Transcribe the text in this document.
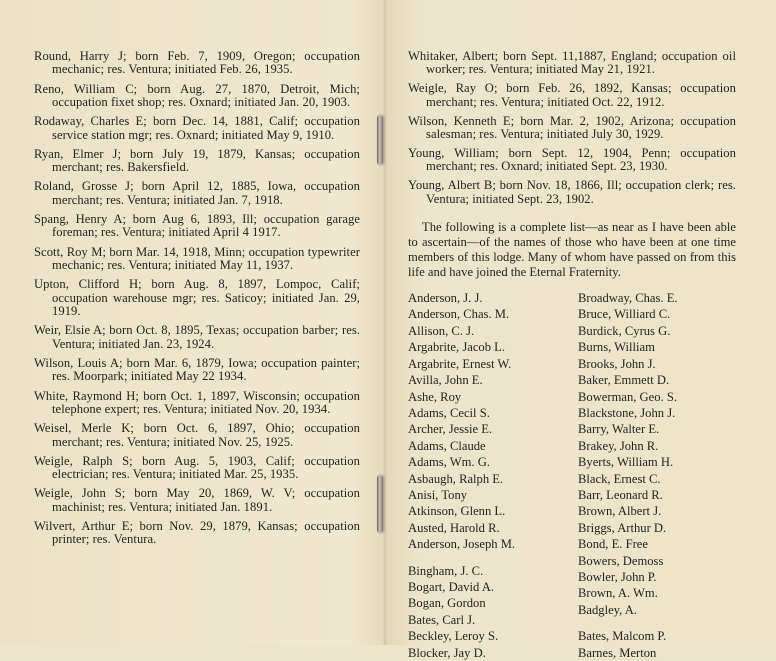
Round, Harry J; born Feb. 7, 1909, Oregon; occupation mechanic; res. Ventura; initiated Feb. 26, 1935.

Reno, William C; born Aug. 27, 1870, Detroit, Mich; occupation fixet shop; res. Oxnard; initiated Jan. 20, 1903.

Rodaway, Charles E; born Dec. 14, 1881, Calif; occupation service station mgr; res. Oxnard; initiated May 9, 1910.

Ryan, Elmer J; born July 19, 1879, Kansas; occupation merchant; res. Bakersfield.

Roland, Grosse J; born April 12, 1885, Iowa, occupation merchant; res. Ventura; initiated Jan. 7, 1918.

Spang, Henry A; born Aug 6, 1893, Ill; occupation garage foreman; res. Ventura; initiated April 4 1917.

Scott, Roy M; born Mar. 14, 1918, Minn; occupation typewriter mechanic; res. Ventura; initiated May 11, 1937.

Upton, Clifford H; born Aug. 8, 1897, Lompoc, Calif; occupation warehouse mgr; res. Saticoy; initiated Jan. 29, 1919.

Weir, Elsie A; born Oct. 8, 1895, Texas; occupation barber; res. Ventura; initiated Jan. 23, 1924.

Wilson, Louis A; born Mar. 6, 1879, Iowa; occupation painter; res. Moorpark; initiated May 22 1934.

White, Raymond H; born Oct. 1, 1897, Wisconsin; occupation telephone expert; res. Ventura; initiated Nov. 20, 1934.

Weisel, Merle K; born Oct. 6, 1897, Ohio; occupation merchant; res. Ventura; initiated Nov. 25, 1925.

Weigle, Ralph S; born Aug. 5, 1903, Calif; occupation electrician; res. Ventura; initiated Mar. 25, 1935.

Weigle, John S; born May 20, 1869, W. V; occupation machinist; res. Ventura; initiated Jan. 1891.

Wilvert, Arthur E; born Nov. 29, 1879, Kansas; occupation printer; res. Ventura.

Whitaker, Albert; born Sept. 11,1887, England; occupation oil worker; res. Ventura; initiated May 21, 1921.

Weigle, Ray O; born Feb. 26, 1892, Kansas; occupation merchant; res. Ventura; initiated Oct. 22, 1912.

Wilson, Kenneth E; born Mar. 2, 1902, Arizona; occupation salesman; res. Ventura; initiated July 30, 1929.

Young, William; born Sept. 12, 1904, Penn; occupation merchant; res. Oxnard; initiated Sept. 23, 1930.

Young, Albert B; born Nov. 18, 1866, Ill; occupation clerk; res. Ventura; initiated Sept. 23, 1902.

The following is a complete list—as near as I have been able to ascertain—of the names of those who have been at one time members of this lodge. Many of whom have passed on from this life and have joined the Eternal Fraternity.

Anderson, J. J.
Anderson, Chas. M.
Allison, C. J.
Argabrite, Jacob L.
Argabrite, Ernest W.
Avilla, John E.
Ashe, Roy
Adams, Cecil S.
Archer, Jessie E.
Adams, Claude
Adams, Wm. G.
Asbaugh, Ralph E.
Anisi, Tony
Atkinson, Glenn L.
Austed, Harold R.
Anderson, Joseph M.
Bingham, J. C.
Bogart, David A.
Bogan, Gordon
Bates, Carl J.
Beckley, Leroy S.
Blocker, Jay D.
Broadway, Chas. E.
Bruce, Williard C.
Burdick, Cyrus G.
Burns, William
Brooks, John J.
Baker, Emmett D.
Bowerman, Geo. S.
Blackstone, John J.
Barry, Walter E.
Brakey, John R.
Byerts, William H.
Black, Ernest C.
Barr, Leonard R.
Brown, Albert J.
Briggs, Arthur D.
Bond, E. Free
Bowers, Demoss
Bowler, John P.
Brown, A. Wm.
Badgley, A.
Bates, Malcom P.
Barnes, Merton
